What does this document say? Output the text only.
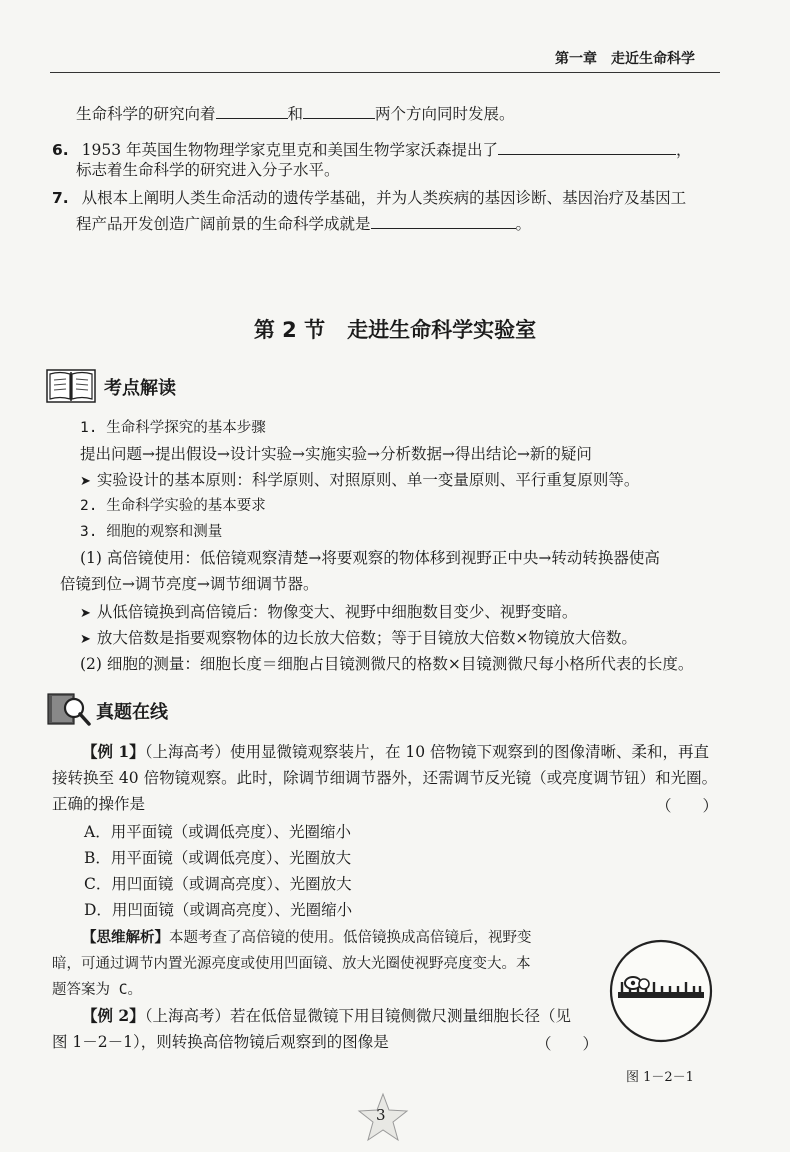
第一章　走近生命科学
生命科学的研究向着	和	两个方向同时发展。
6. 1953 年英国生物物理学家克里克和美国生物学家沃森提出了	，
标志着生命科学的研究进入分子水平。
7. 从根本上阐明人类生命活动的遗传学基础，并为人类疾病的基因诊断、基因治疗及基因工
程产品开发创造广阔前景的生命科学成就是	。
第 2 节 走进生命科学实验室
考点解读
1. 生命科学探究的基本步骤
提出问题→提出假设→设计实验→实施实验→分析数据→得出结论→新的疑问
➤ 实验设计的基本原则：科学原则、对照原则、单一变量原则、平行重复原则等。
2. 生命科学实验的基本要求
3. 细胞的观察和测量
(1) 高倍镜使用：低倍镜观察清楚→将要观察的物体移到视野正中央→转动转换器使高
倍镜到位→调节亮度→调节细调节器。
➤ 从低倍镜换到高倍镜后：物像变大、视野中细胞数目变少、视野变暗。
➤ 放大倍数是指要观察物体的边长放大倍数；等于目镜放大倍数×物镜放大倍数。
(2) 细胞的测量：细胞长度＝细胞占目镜测微尺的格数×目镜测微尺每小格所代表的长度。
真题在线
【例 1】（上海高考）使用显微镜观察装片，在 10 倍物镜下观察到的图像清晰、柔和，再直
接转换至 40 倍物镜观察。此时，除调节细调节器外，还需调节反光镜（或亮度调节钮）和光圈。
正确的操作是	（　　）
A．用平面镜（或调低亮度）、光圈缩小
B．用平面镜（或调低亮度）、光圈放大
C．用凹面镜（或调高亮度）、光圈放大
D．用凹面镜（或调高亮度）、光圈缩小
【思维解析】本题考查了高倍镜的使用。低倍镜换成高倍镜后，视野变
暗，可通过调节内置光源亮度或使用凹面镜、放大光圈使视野亮度变大。本
题答案为 C。
【例 2】（上海高考）若在低倍显微镜下用目镜侧微尺测量细胞长径（见
图 1－2－1），则转换高倍物镜后观察到的图像是	（　　）
图 1－2－1
3
